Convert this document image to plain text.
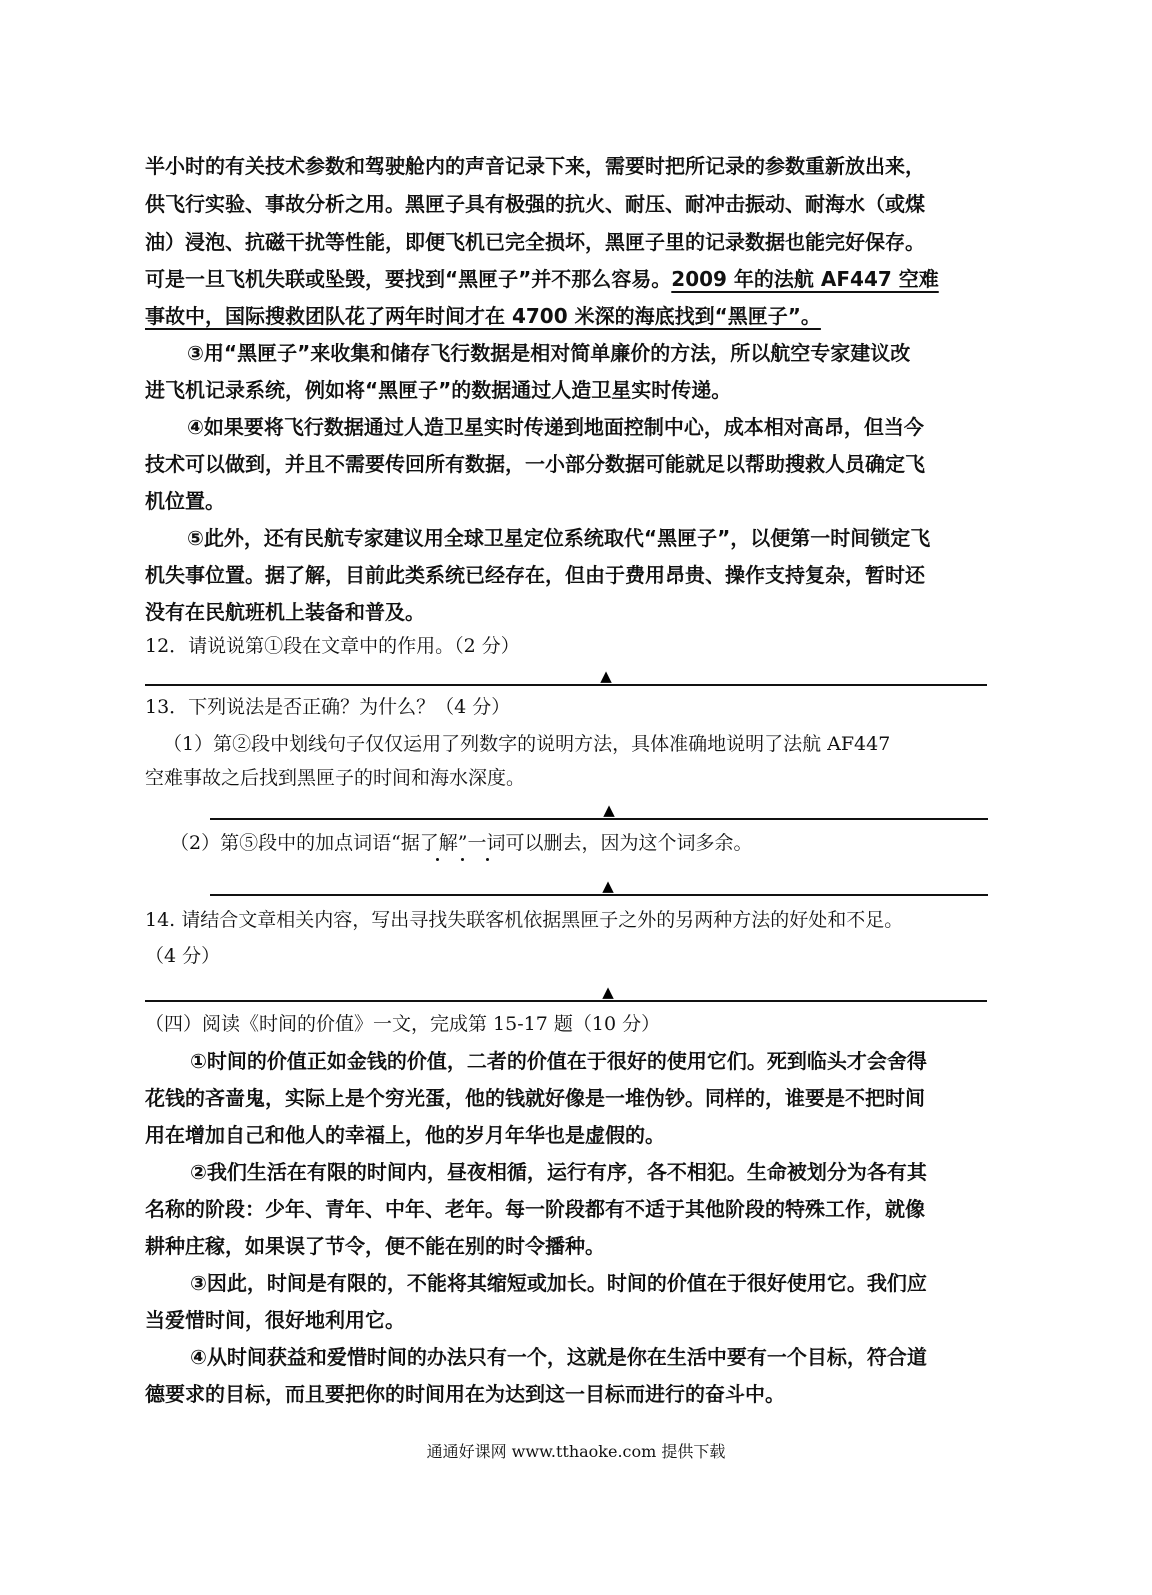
半小时的有关技术参数和驾驶舱内的声音记录下来，需要时把所记录的参数重新放出来，
供飞行实验、事故分析之用。黑匣子具有极强的抗火、耐压、耐冲击振动、耐海水（或煤
油）浸泡、抗磁干扰等性能，即便飞机已完全损坏，黑匣子里的记录数据也能完好保存。
可是一旦飞机失联或坠毁，要找到“黑匣子”并不那么容易。2009 年的法航 AF447 空难
事故中，国际搜救团队花了两年时间才在 4700 米深的海底找到“黑匣子”。
③用“黑匣子”来收集和储存飞行数据是相对简单廉价的方法，所以航空专家建议改
进飞机记录系统，例如将“黑匣子”的数据通过人造卫星实时传递。
④如果要将飞行数据通过人造卫星实时传递到地面控制中心，成本相对高昂，但当今
技术可以做到，并且不需要传回所有数据，一小部分数据可能就足以帮助搜救人员确定飞
机位置。
⑤此外，还有民航专家建议用全球卫星定位系统取代“黑匣子”，以便第一时间锁定飞
机失事位置。据了解，目前此类系统已经存在，但由于费用昂贵、操作支持复杂，暂时还
没有在民航班机上装备和普及。
12．请说说第①段在文章中的作用。（2 分）
▲
13．下列说法是否正确？为什么？（4 分）
（1）第②段中划线句子仅仅运用了列数字的说明方法，具体准确地说明了法航 AF447
空难事故之后找到黑匣子的时间和海水深度。
▲
（2）第⑤段中的加点词语“据了解”一词可以删去，因为这个词多余。
▲
14. 请结合文章相关内容，写出寻找失联客机依据黑匣子之外的另两种方法的好处和不足。
（4 分）
▲
（四）阅读《时间的价值》一文，完成第 15-17 题（10 分）
①时间的价值正如金钱的价值，二者的价值在于很好的使用它们。死到临头才会舍得
花钱的吝啬鬼，实际上是个穷光蛋，他的钱就好像是一堆伪钞。同样的，谁要是不把时间
用在增加自己和他人的幸福上，他的岁月年华也是虚假的。
②我们生活在有限的时间内，昼夜相循，运行有序，各不相犯。生命被划分为各有其
名称的阶段：少年、青年、中年、老年。每一阶段都有不适于其他阶段的特殊工作，就像
耕种庄稼，如果误了节令，便不能在别的时令播种。
③因此，时间是有限的，不能将其缩短或加长。时间的价值在于很好使用它。我们应
当爱惜时间，很好地利用它。
④从时间获益和爱惜时间的办法只有一个，这就是你在生活中要有一个目标，符合道
德要求的目标，而且要把你的时间用在为达到这一目标而进行的奋斗中。
通通好课网 www.tthaoke.com 提供下载
